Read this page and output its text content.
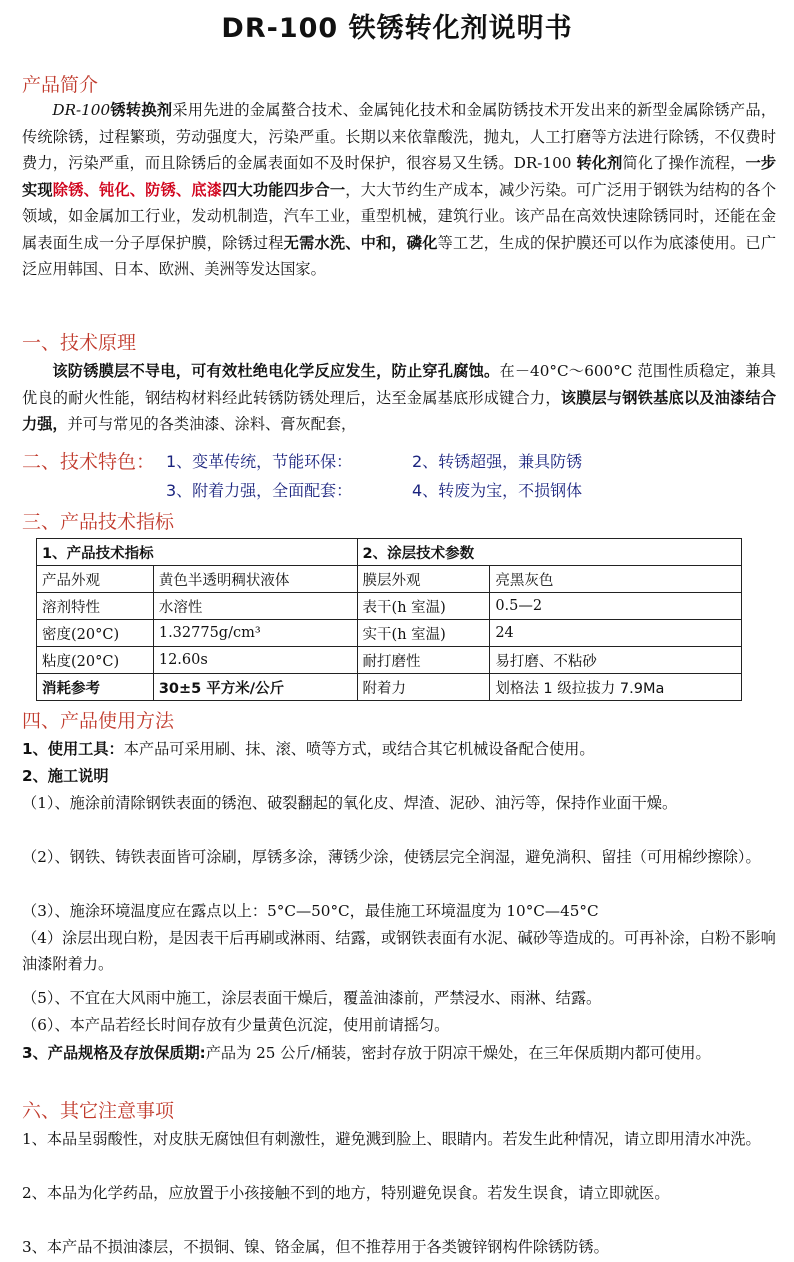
DR-100 铁锈转化剂说明书
产品简介

DR-100锈转换剂采用先进的金属螯合技术、金属钝化技术和金属防锈技术开发出来的新型金属除锈产品，传统除锈，过程繁琐，劳动强度大，污染严重。长期以来依靠酸洗，抛丸，人工打磨等方法进行除锈，不仅费时费力，污染严重，而且除锈后的金属表面如不及时保护，很容易又生锈。DR-100 转化剂简化了操作流程，一步实现除锈、钝化、防锈、底漆四大功能四步合一，大大节约生产成本，减少污染。可广泛用于钢铁为结构的各个领域，如金属加工行业，发动机制造，汽车工业，重型机械，建筑行业。该产品在高效快速除锈同时，还能在金属表面生成一分子厚保护膜，除锈过程无需水洗、中和，磷化等工艺，生成的保护膜还可以作为底漆使用。已广泛应用韩国、日本、欧洲、美洲等发达国家。

一、技术原理

该防锈膜层不导电，可有效杜绝电化学反应发生，防止穿孔腐蚀。在－40°C～600°C 范围性质稳定，兼具优良的耐火性能，钢结构材料经此转锈防锈处理后，达至金属基底形成键合力，该膜层与钢铁基底以及油漆结合力强，并可与常见的各类油漆、涂料、膏灰配套，

二、技术特色： 1、变革传统，节能环保：	2、转锈超强，兼具防锈
3、附着力强，全面配套：	4、转废为宝，不损钢体
三、产品技术指标
1、产品技术指标		2、涂层技术参数	
产品外观	黄色半透明稠状液体	膜层外观	亮黑灰色
溶剂特性	水溶性	表干(h 室温)	0.5—2
密度(20°C)	1.32775g/cm³	实干(h 室温)	24
粘度(20°C)	12.60s	耐打磨性	易打磨、不粘砂
消耗参考	30±5 平方米/公斤	附着力	划格法 1 级拉拔力 7.9Ma
四、产品使用方法

1、使用工具：本产品可采用刷、抹、滚、喷等方式，或结合其它机械设备配合使用。

2、施工说明

（1）、施涂前清除钢铁表面的锈泡、破裂翻起的氧化皮、焊渣、泥砂、油污等，保持作业面干燥。

（2）、钢铁、铸铁表面皆可涂刷，厚锈多涂，薄锈少涂，使锈层完全润湿，避免淌积、留挂（可用棉纱擦除）。

（3）、施涂环境温度应在露点以上：5°C—50°C，最佳施工环境温度为 10°C—45°C

（4）涂层出现白粉，是因表干后再刷或淋雨、结露，或钢铁表面有水泥、碱砂等造成的。可再补涂，白粉不影响油漆附着力。

（5）、不宜在大风雨中施工，涂层表面干燥后，覆盖油漆前，严禁浸水、雨淋、结露。

（6）、本产品若经长时间存放有少量黄色沉淀，使用前请摇匀。

3、产品规格及存放保质期:产品为 25 公斤/桶装，密封存放于阴凉干燥处，在三年保质期内都可使用。

六、其它注意事项

1、本品呈弱酸性，对皮肤无腐蚀但有刺激性，避免溅到脸上、眼睛内。若发生此种情况，请立即用清水冲洗。

2、本品为化学药品，应放置于小孩接触不到的地方，特别避免误食。若发生误食，请立即就医。

3、本产品不损油漆层，不损铜、镍、铬金属，但不推荐用于各类镀锌钢构件除锈防锈。
